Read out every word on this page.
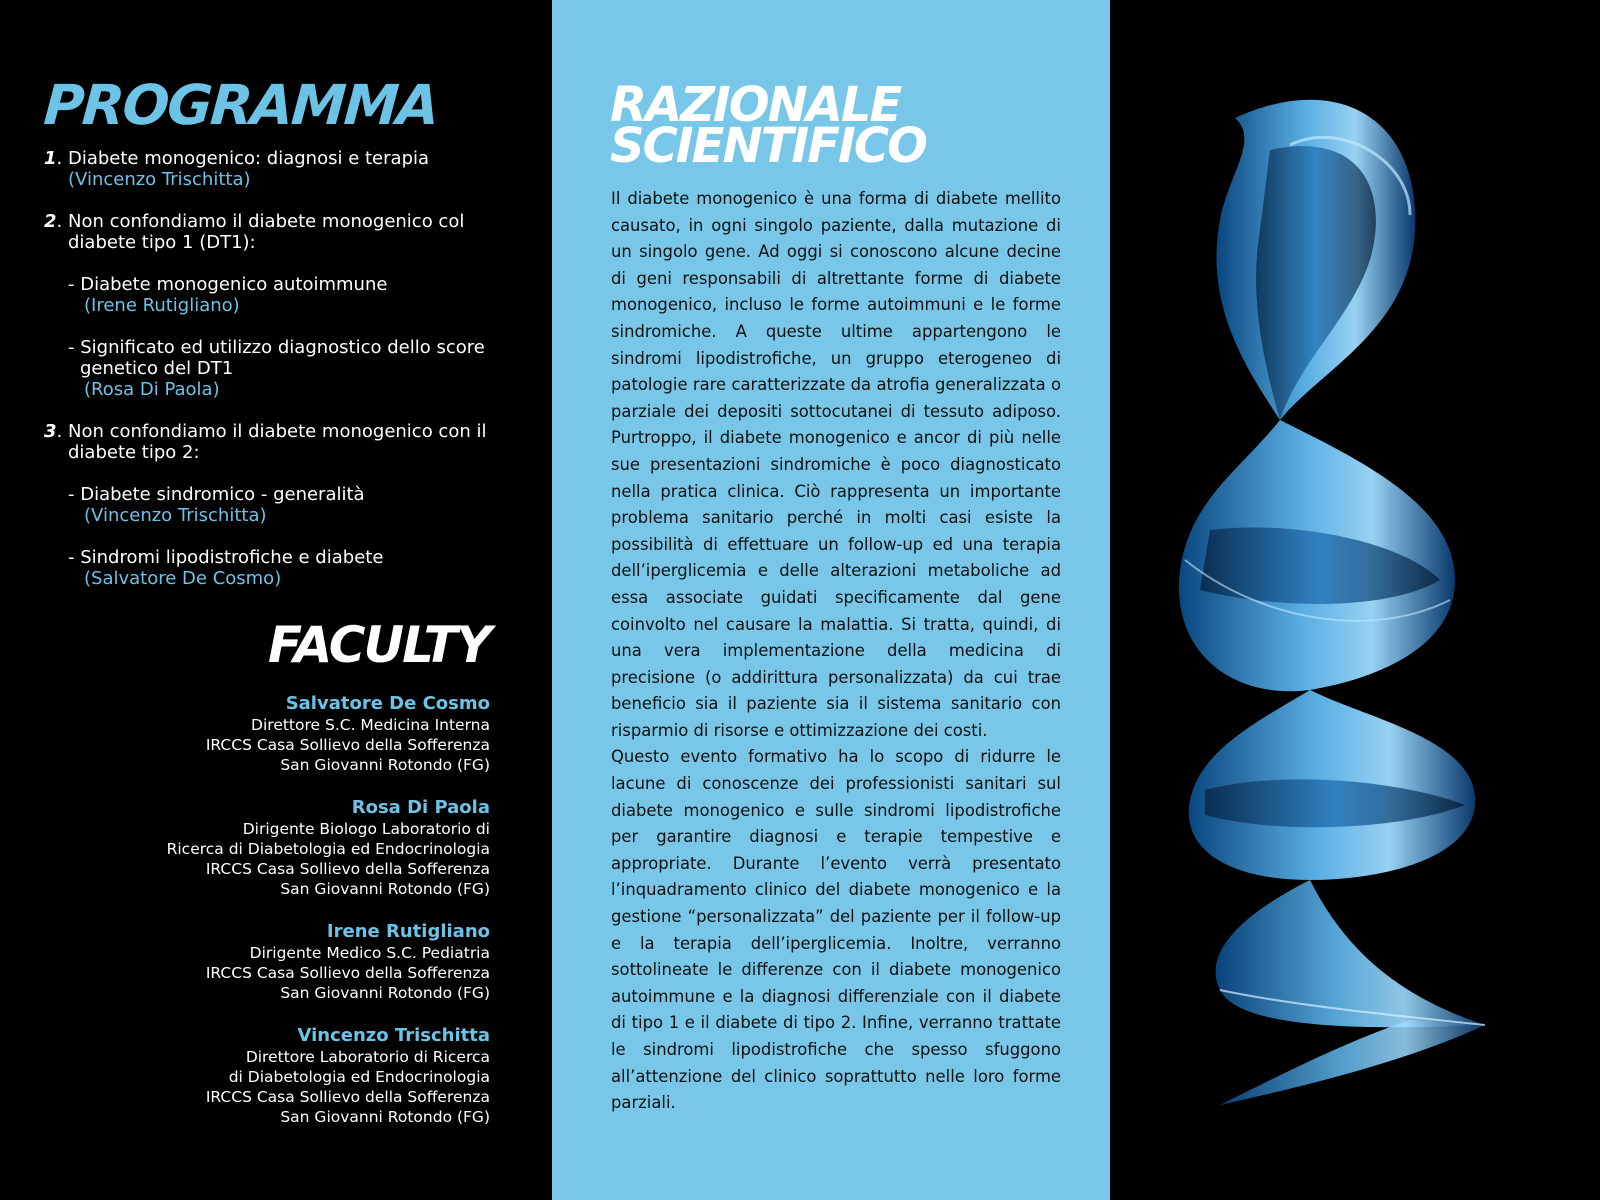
PROGRAMMA
1. Diabete monogenico: diagnosi e terapia
(Vincenzo Trischitta)
2. Non confondiamo il diabete monogenico col
diabete tipo 1 (DT1):
- Diabete monogenico autoimmune
(Irene Rutigliano)
- Significato ed utilizzo diagnostico dello score
genetico del DT1
(Rosa Di Paola)
3. Non confondiamo il diabete monogenico con il
diabete tipo 2:
- Diabete sindromico - generalità
(Vincenzo Trischitta)
- Sindromi lipodistrofiche e diabete
(Salvatore De Cosmo)
FACULTY
Salvatore De Cosmo
Direttore S.C. Medicina Interna
IRCCS Casa Sollievo della Sofferenza
San Giovanni Rotondo (FG)
Rosa Di Paola
Dirigente Biologo Laboratorio di
Ricerca di Diabetologia ed Endocrinologia
IRCCS Casa Sollievo della Sofferenza
San Giovanni Rotondo (FG)
Irene Rutigliano
Dirigente Medico S.C. Pediatria
IRCCS Casa Sollievo della Sofferenza
San Giovanni Rotondo (FG)
Vincenzo Trischitta
Direttore Laboratorio di Ricerca
di Diabetologia ed Endocrinologia
IRCCS Casa Sollievo della Sofferenza
San Giovanni Rotondo (FG)
RAZIONALE
SCIENTIFICO

Il diabete monogenico è una forma di diabete mellito causato, in ogni singolo paziente, dalla mutazione di un singolo gene. Ad oggi si conoscono alcune decine di geni responsabili di altrettante forme di diabete monogenico, incluso le forme autoimmuni e le forme sindromiche. A queste ultime appartengono le sindromi lipodistrofiche, un gruppo eterogeneo di patologie rare caratterizzate da atrofia generalizzata o parziale dei depositi sottocutanei di tessuto adiposo. Purtroppo, il diabete monogenico e ancor di più nelle sue presentazioni sindromiche è poco diagnosticato nella pratica clinica. Ciò rappresenta un importante problema sanitario perché in molti casi esiste la possibilità di effettuare un follow-up ed una terapia dell’iperglicemia e delle alterazioni metaboliche ad essa associate guidati specificamente dal gene coinvolto nel causare la malattia. Si tratta, quindi, di una vera implementazione della medicina di precisione (o addirittura personalizzata) da cui trae beneficio sia il paziente sia il sistema sanitario con risparmio di risorse e ottimizzazione dei costi.

Questo evento formativo ha lo scopo di ridurre le lacune di conoscenze dei professionisti sanitari sul diabete monogenico e sulle sindromi lipodistrofiche per garantire diagnosi e terapie tempestive e appropriate. Durante l’evento verrà presentato l’inquadramento clinico del diabete monogenico e la gestione “personalizzata” del paziente per il follow-up e la terapia dell’iperglicemia. Inoltre, verranno sottolineate le differenze con il diabete monogenico autoimmune e la diagnosi differenziale con il diabete di tipo 1 e il diabete di tipo 2. Infine, verranno trattate le sindromi lipodistrofiche che spesso sfuggono all’attenzione del clinico soprattutto nelle loro forme parziali.
